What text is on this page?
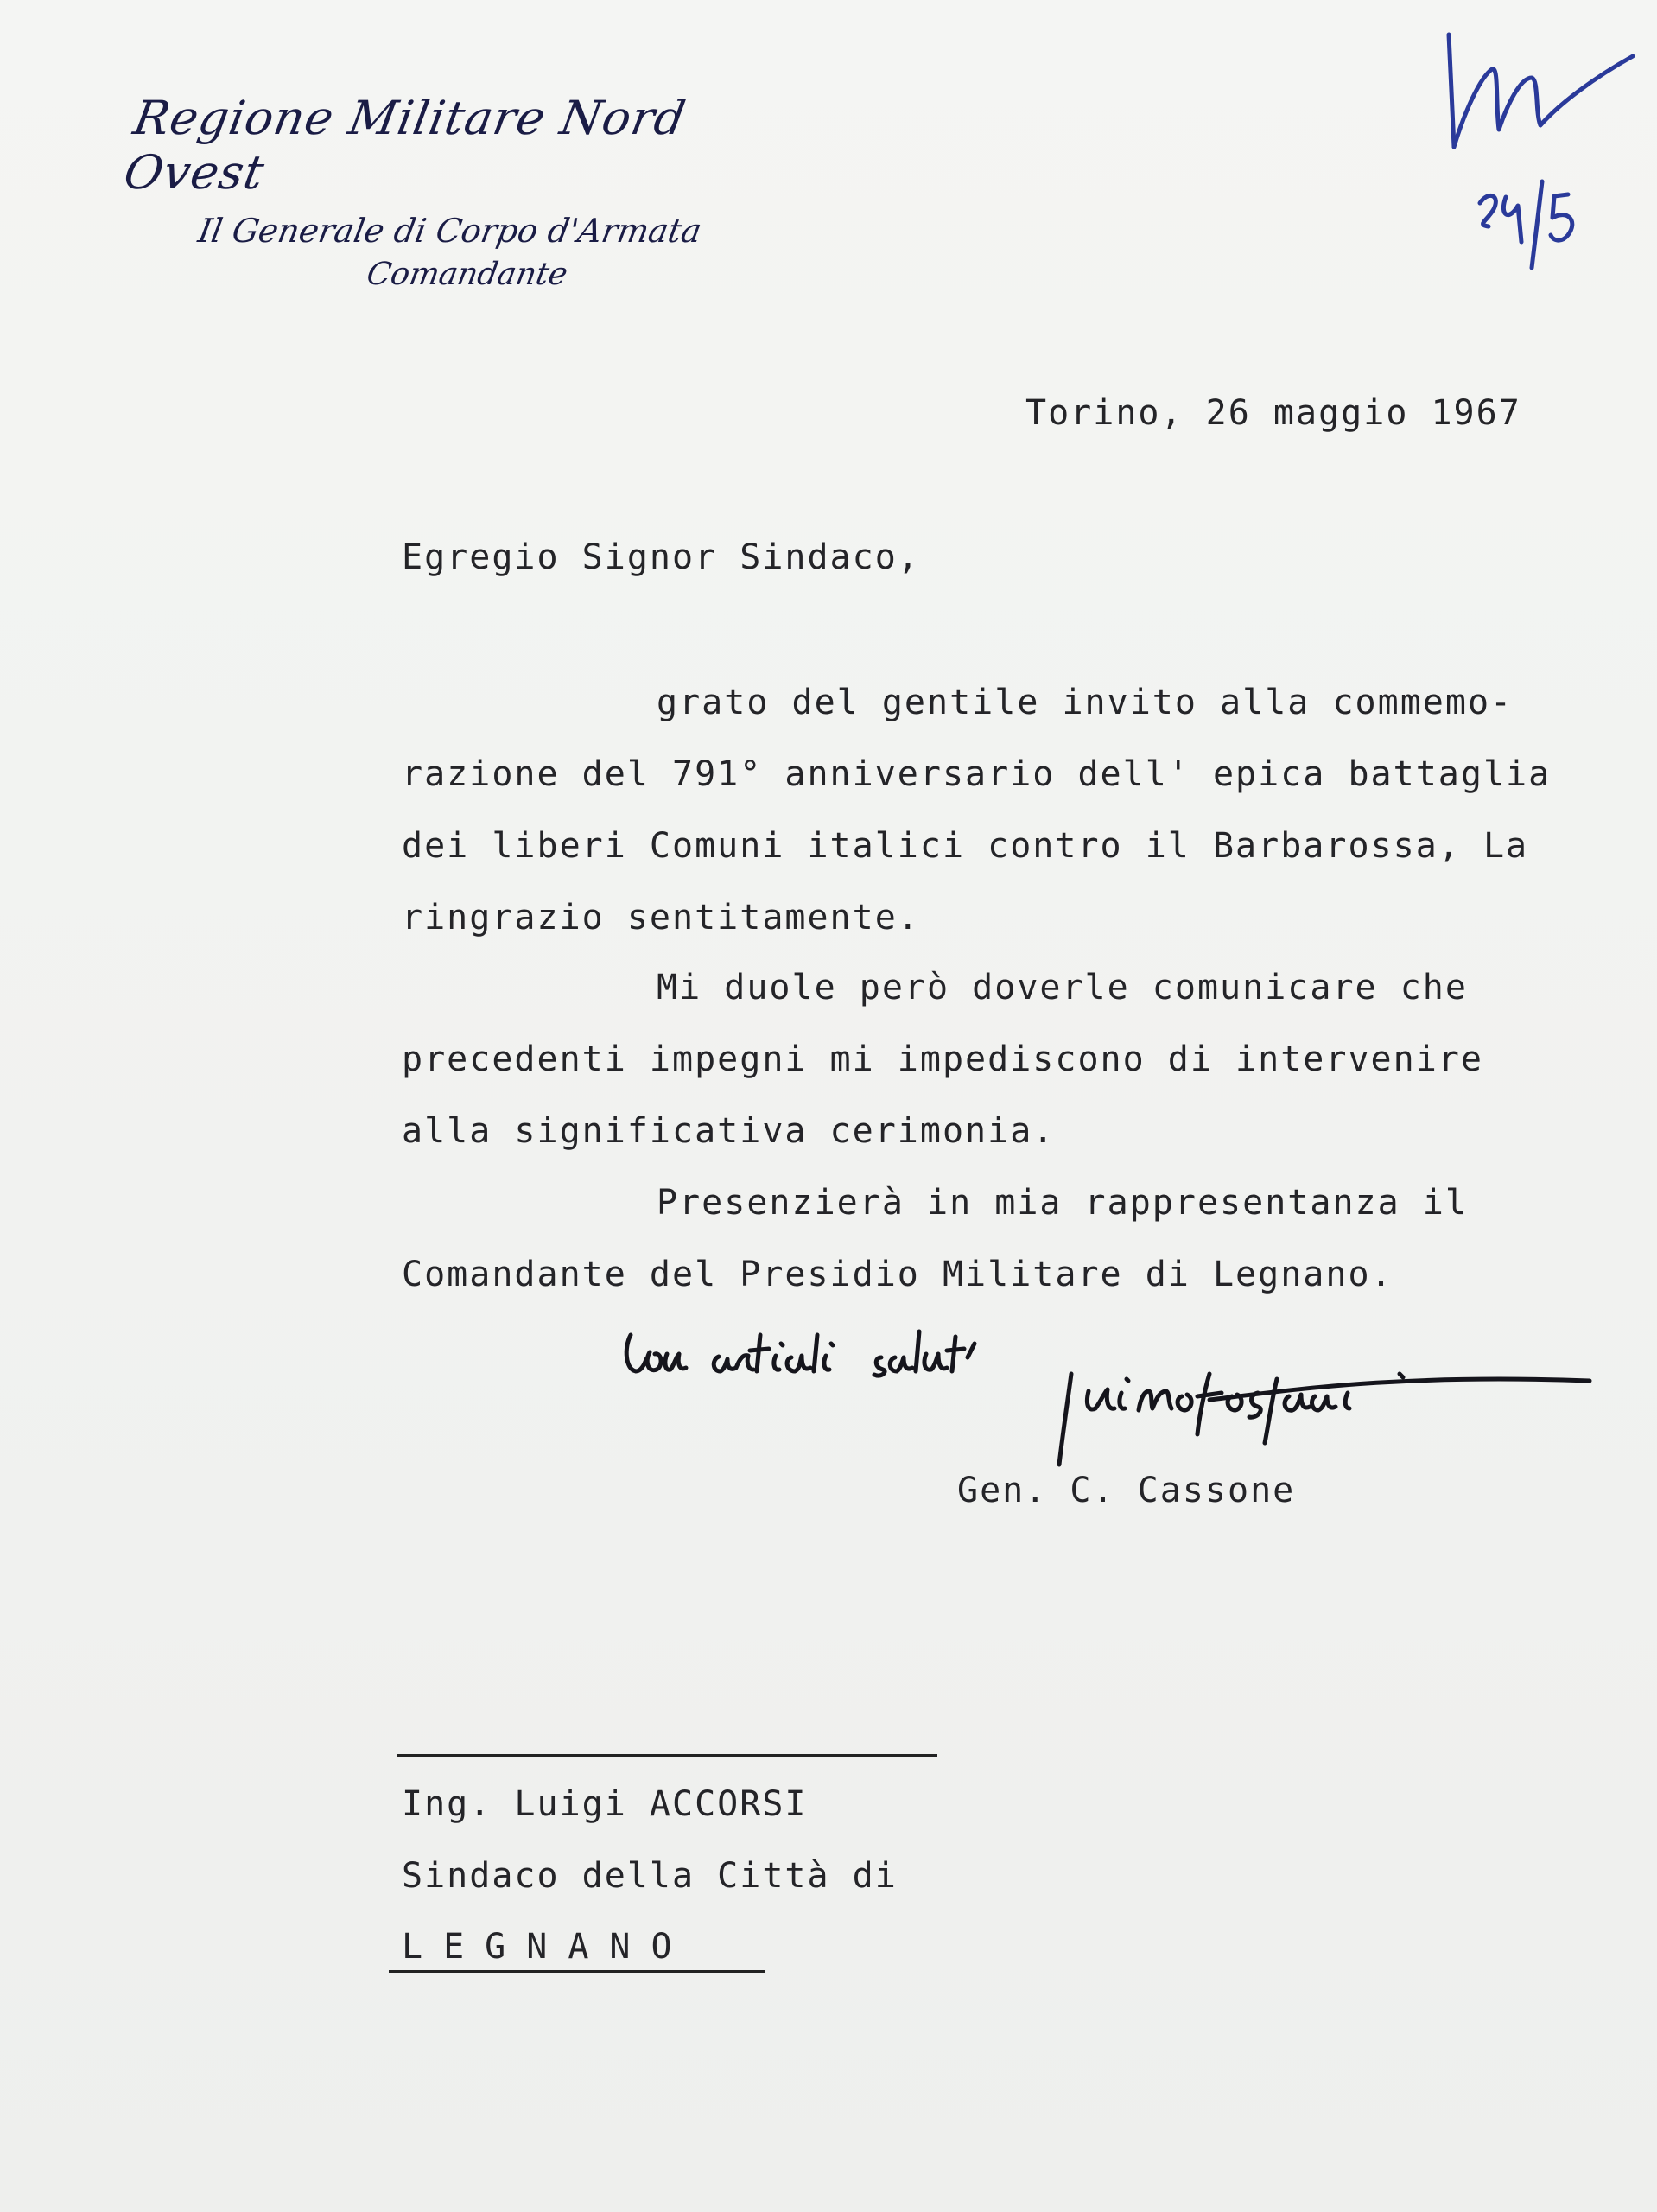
Regione Militare Nord Ovest
Il Generale di Corpo d'Armata
Comandante
Torino, 26 maggio 1967
Egregio Signor Sindaco,
grato del gentile invito alla commemo-
razione del 791° anniversario dell' epica battaglia
dei liberi Comuni italici contro il Barbarossa, La
ringrazio sentitamente.
Mi duole però doverle comunicare che
precedenti impegni mi impediscono di intervenire
alla significativa cerimonia.
Presenzierà in mia rappresentanza il
Comandante del Presidio Militare di Legnano.
Gen. C. Cassone
Ing. Luigi ACCORSI
Sindaco della Città di
LEGNANO
